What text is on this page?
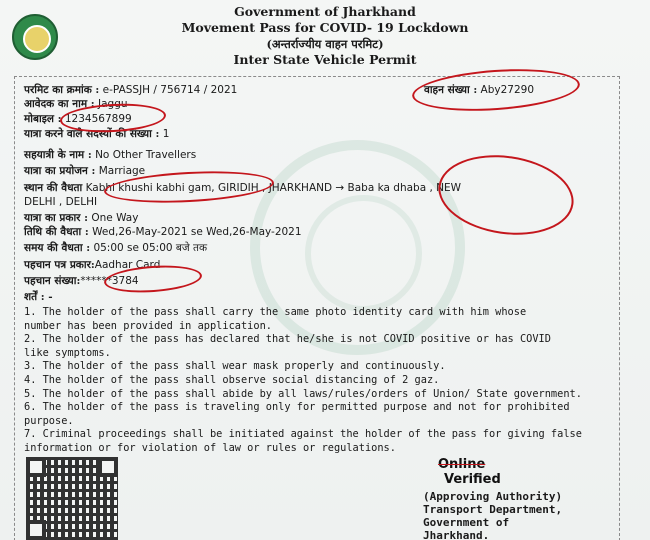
Government of Jharkhand
Movement Pass for COVID- 19 Lockdown
(अन्तर्राज्यीय वाहन परमिट)
Inter State Vehicle Permit
परमिट का क्रमांक : e-PASSJH / 756714 / 2021	वाहन संख्या : Aby27290
आवेदक का नाम : Jaggu
मोबाइल : 1234567899
यात्रा करने वाले सदस्यों की संख्या : 1
सहयात्री के नाम : No Other Travellers
यात्रा का प्रयोजन : Marriage
स्थान की वैधता Kabhi khushi kabhi gam, GIRIDIH , JHARKHAND → Baba ka dhaba , NEW
DELHI , DELHI
यात्रा का प्रकार : One Way
तिथि की वैधता : Wed,26-May-2021 se Wed,26-May-2021
समय की वैधता : 05:00 se 05:00 बजे तक
पहचान पत्र प्रकार:Aadhar Card
पहचान संख्या:******3784
शर्तें : -
1. The holder of the pass shall carry the same photo identity card with him whose
number has been provided in application.
2. The holder of the pass has declared that he/she is not COVID positive or has COVID
like symptoms.
3. The holder of the pass shall wear mask properly and continuously.
4. The holder of the pass shall observe social distancing of 2 gaz.
5. The holder of the pass shall abide by all laws/rules/orders of Union/ State government.
6. The holder of the pass is traveling only for permitted purpose and not for prohibited
purpose.
7. Criminal proceedings shall be initiated against the holder of the pass for giving false
information or for violation of law or rules or regulations.
Online
Verified
(Approving Authority)
Transport Department,
Government of
Jharkhand.
